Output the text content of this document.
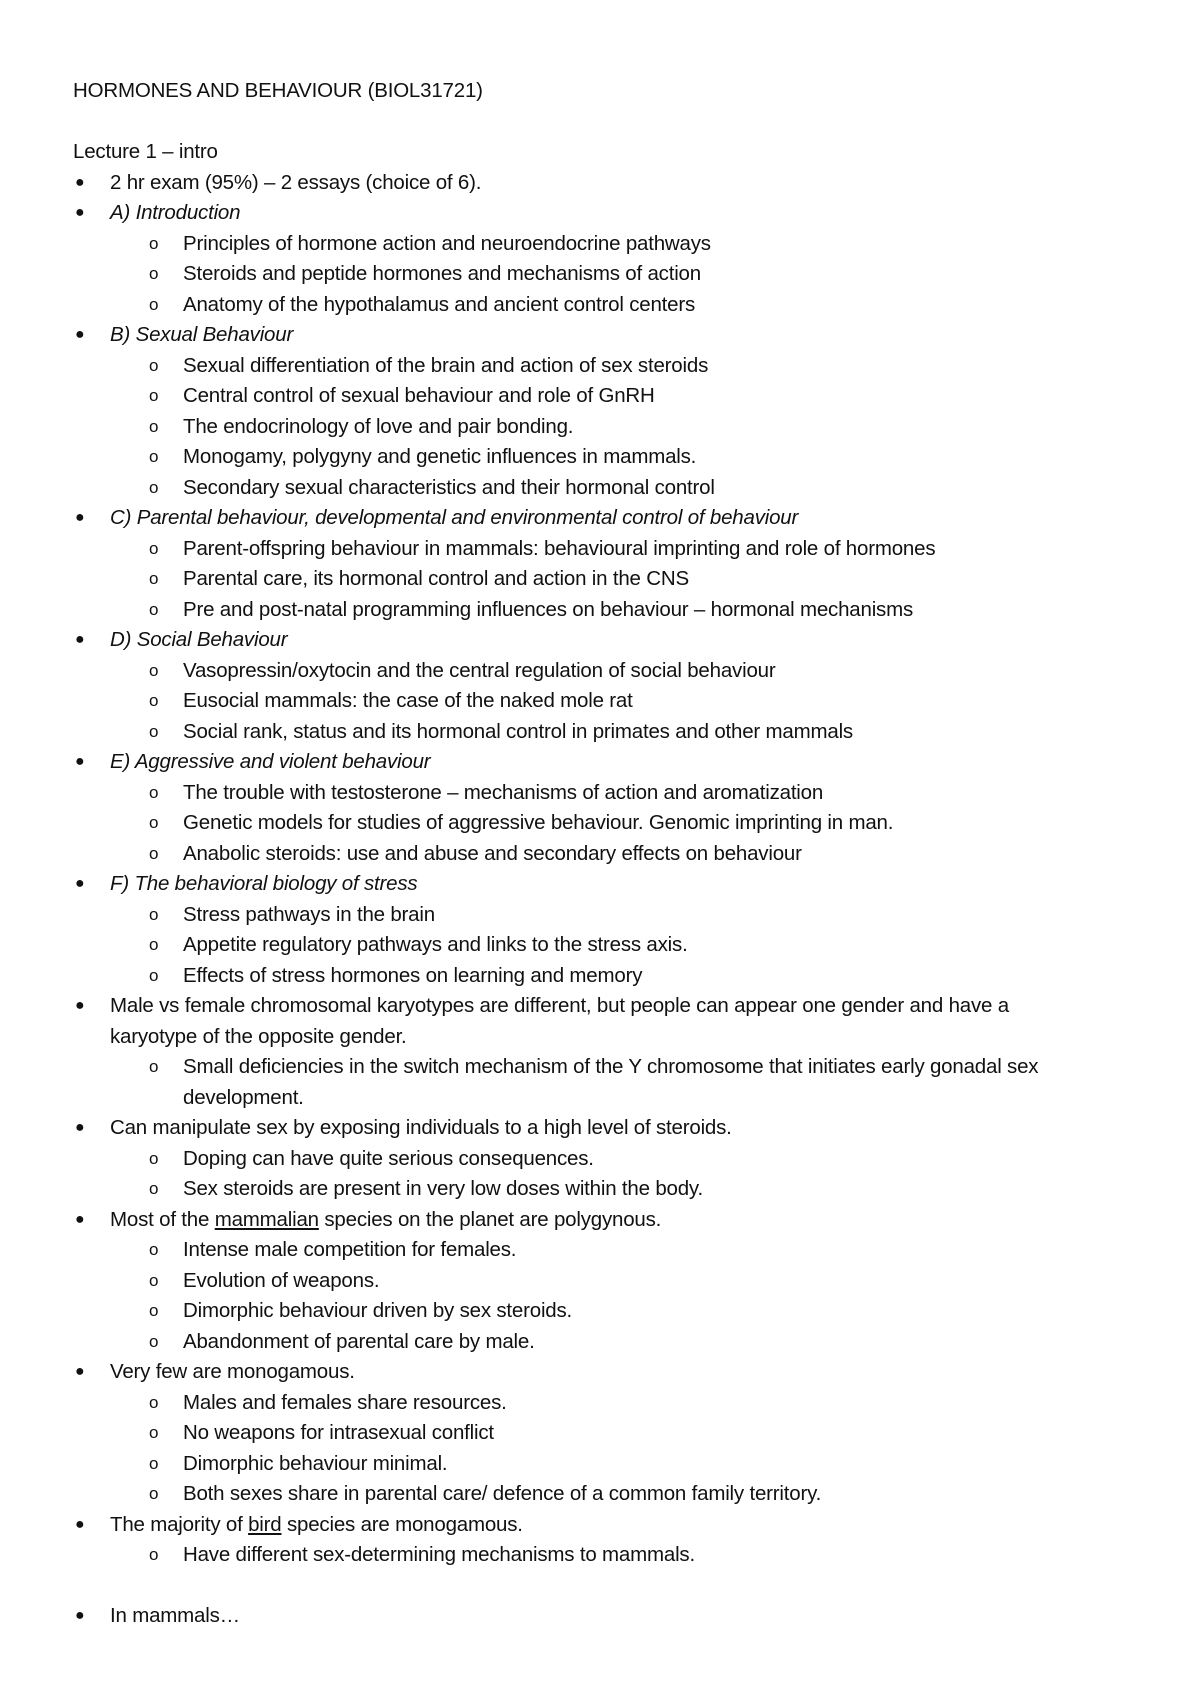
HORMONES AND BEHAVIOUR (BIOL31721)
Lecture 1 – intro
● 2 hr exam (95%) – 2 essays (choice of 6).
● A) Introduction
o Principles of hormone action and neuroendocrine pathways
o Steroids and peptide hormones and mechanisms of action
o Anatomy of the hypothalamus and ancient control centers
● B) Sexual Behaviour
o Sexual differentiation of the brain and action of sex steroids
o Central control of sexual behaviour and role of GnRH
o The endocrinology of love and pair bonding.
o Monogamy, polygyny and genetic influences in mammals.
o Secondary sexual characteristics and their hormonal control
● C) Parental behaviour, developmental and environmental control of behaviour
o Parent-offspring behaviour in mammals: behavioural imprinting and role of hormones
o Parental care, its hormonal control and action in the CNS
o Pre and post-natal programming influences on behaviour – hormonal mechanisms
● D) Social Behaviour
o Vasopressin/oxytocin and the central regulation of social behaviour
o Eusocial mammals: the case of the naked mole rat
o Social rank, status and its hormonal control in primates and other mammals
● E) Aggressive and violent behaviour
o The trouble with testosterone – mechanisms of action and aromatization
o Genetic models for studies of aggressive behaviour. Genomic imprinting in man.
o Anabolic steroids: use and abuse and secondary effects on behaviour
● F) The behavioral biology of stress
o Stress pathways in the brain
o Appetite regulatory pathways and links to the stress axis.
o Effects of stress hormones on learning and memory
● Male vs female chromosomal karyotypes are different, but people can appear one gender and have a
karyotype of the opposite gender.
o Small deficiencies in the switch mechanism of the Y chromosome that initiates early gonadal sex
development.
● Can manipulate sex by exposing individuals to a high level of steroids.
o Doping can have quite serious consequences.
o Sex steroids are present in very low doses within the body.
● Most of the mammalian species on the planet are polygynous.
o Intense male competition for females.
o Evolution of weapons.
o Dimorphic behaviour driven by sex steroids.
o Abandonment of parental care by male.
● Very few are monogamous.
o Males and females share resources.
o No weapons for intrasexual conflict
o Dimorphic behaviour minimal.
o Both sexes share in parental care/ defence of a common family territory.
● The majority of bird species are monogamous.
o Have different sex-determining mechanisms to mammals.
● In mammals…
